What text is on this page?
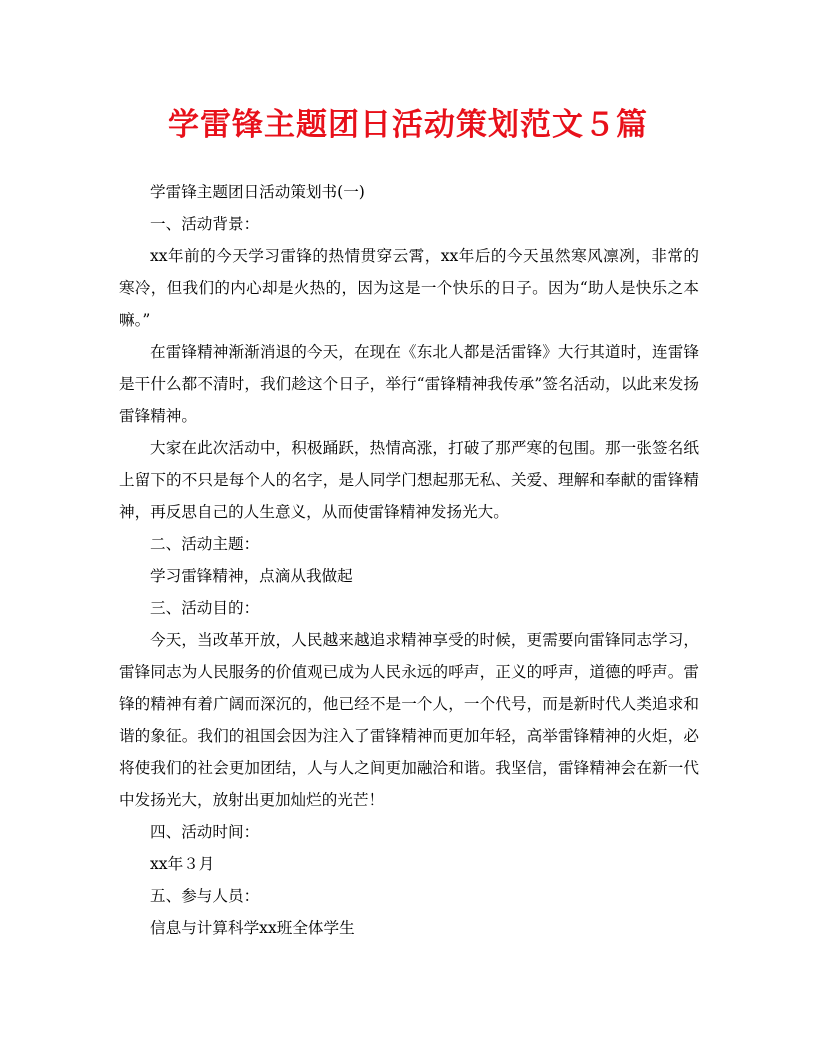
学雷锋主题团日活动策划范文５篇

学雷锋主题团日活动策划书(一)

一、活动背景：

xx年前的今天学习雷锋的热情贯穿云霄，xx年后的今天虽然寒风凛冽，非常的寒冷，但我们的内心却是火热的，因为这是一个快乐的日子。因为“助人是快乐之本嘛。”

在雷锋精神渐渐消退的今天，在现在《东北人都是活雷锋》大行其道时，连雷锋是干什么都不清时，我们趁这个日子，举行“雷锋精神我传承”签名活动，以此来发扬雷锋精神。

大家在此次活动中，积极踊跃，热情高涨，打破了那严寒的包围。那一张签名纸上留下的不只是每个人的名字，是人同学门想起那无私、关爱、理解和奉献的雷锋精神，再反思自己的人生意义，从而使雷锋精神发扬光大。

二、活动主题：

学习雷锋精神，点滴从我做起

三、活动目的：

今天，当改革开放，人民越来越追求精神享受的时候，更需要向雷锋同志学习，雷锋同志为人民服务的价值观已成为人民永远的呼声，正义的呼声，道德的呼声。雷锋的精神有着广阔而深沉的，他已经不是一个人，一个代号，而是新时代人类追求和谐的象征。我们的祖国会因为注入了雷锋精神而更加年轻，高举雷锋精神的火炬，必将使我们的社会更加团结，人与人之间更加融洽和谐。我坚信，雷锋精神会在新一代中发扬光大，放射出更加灿烂的光芒！

四、活动时间：

xx年３月

五、参与人员：

信息与计算科学xx班全体学生
